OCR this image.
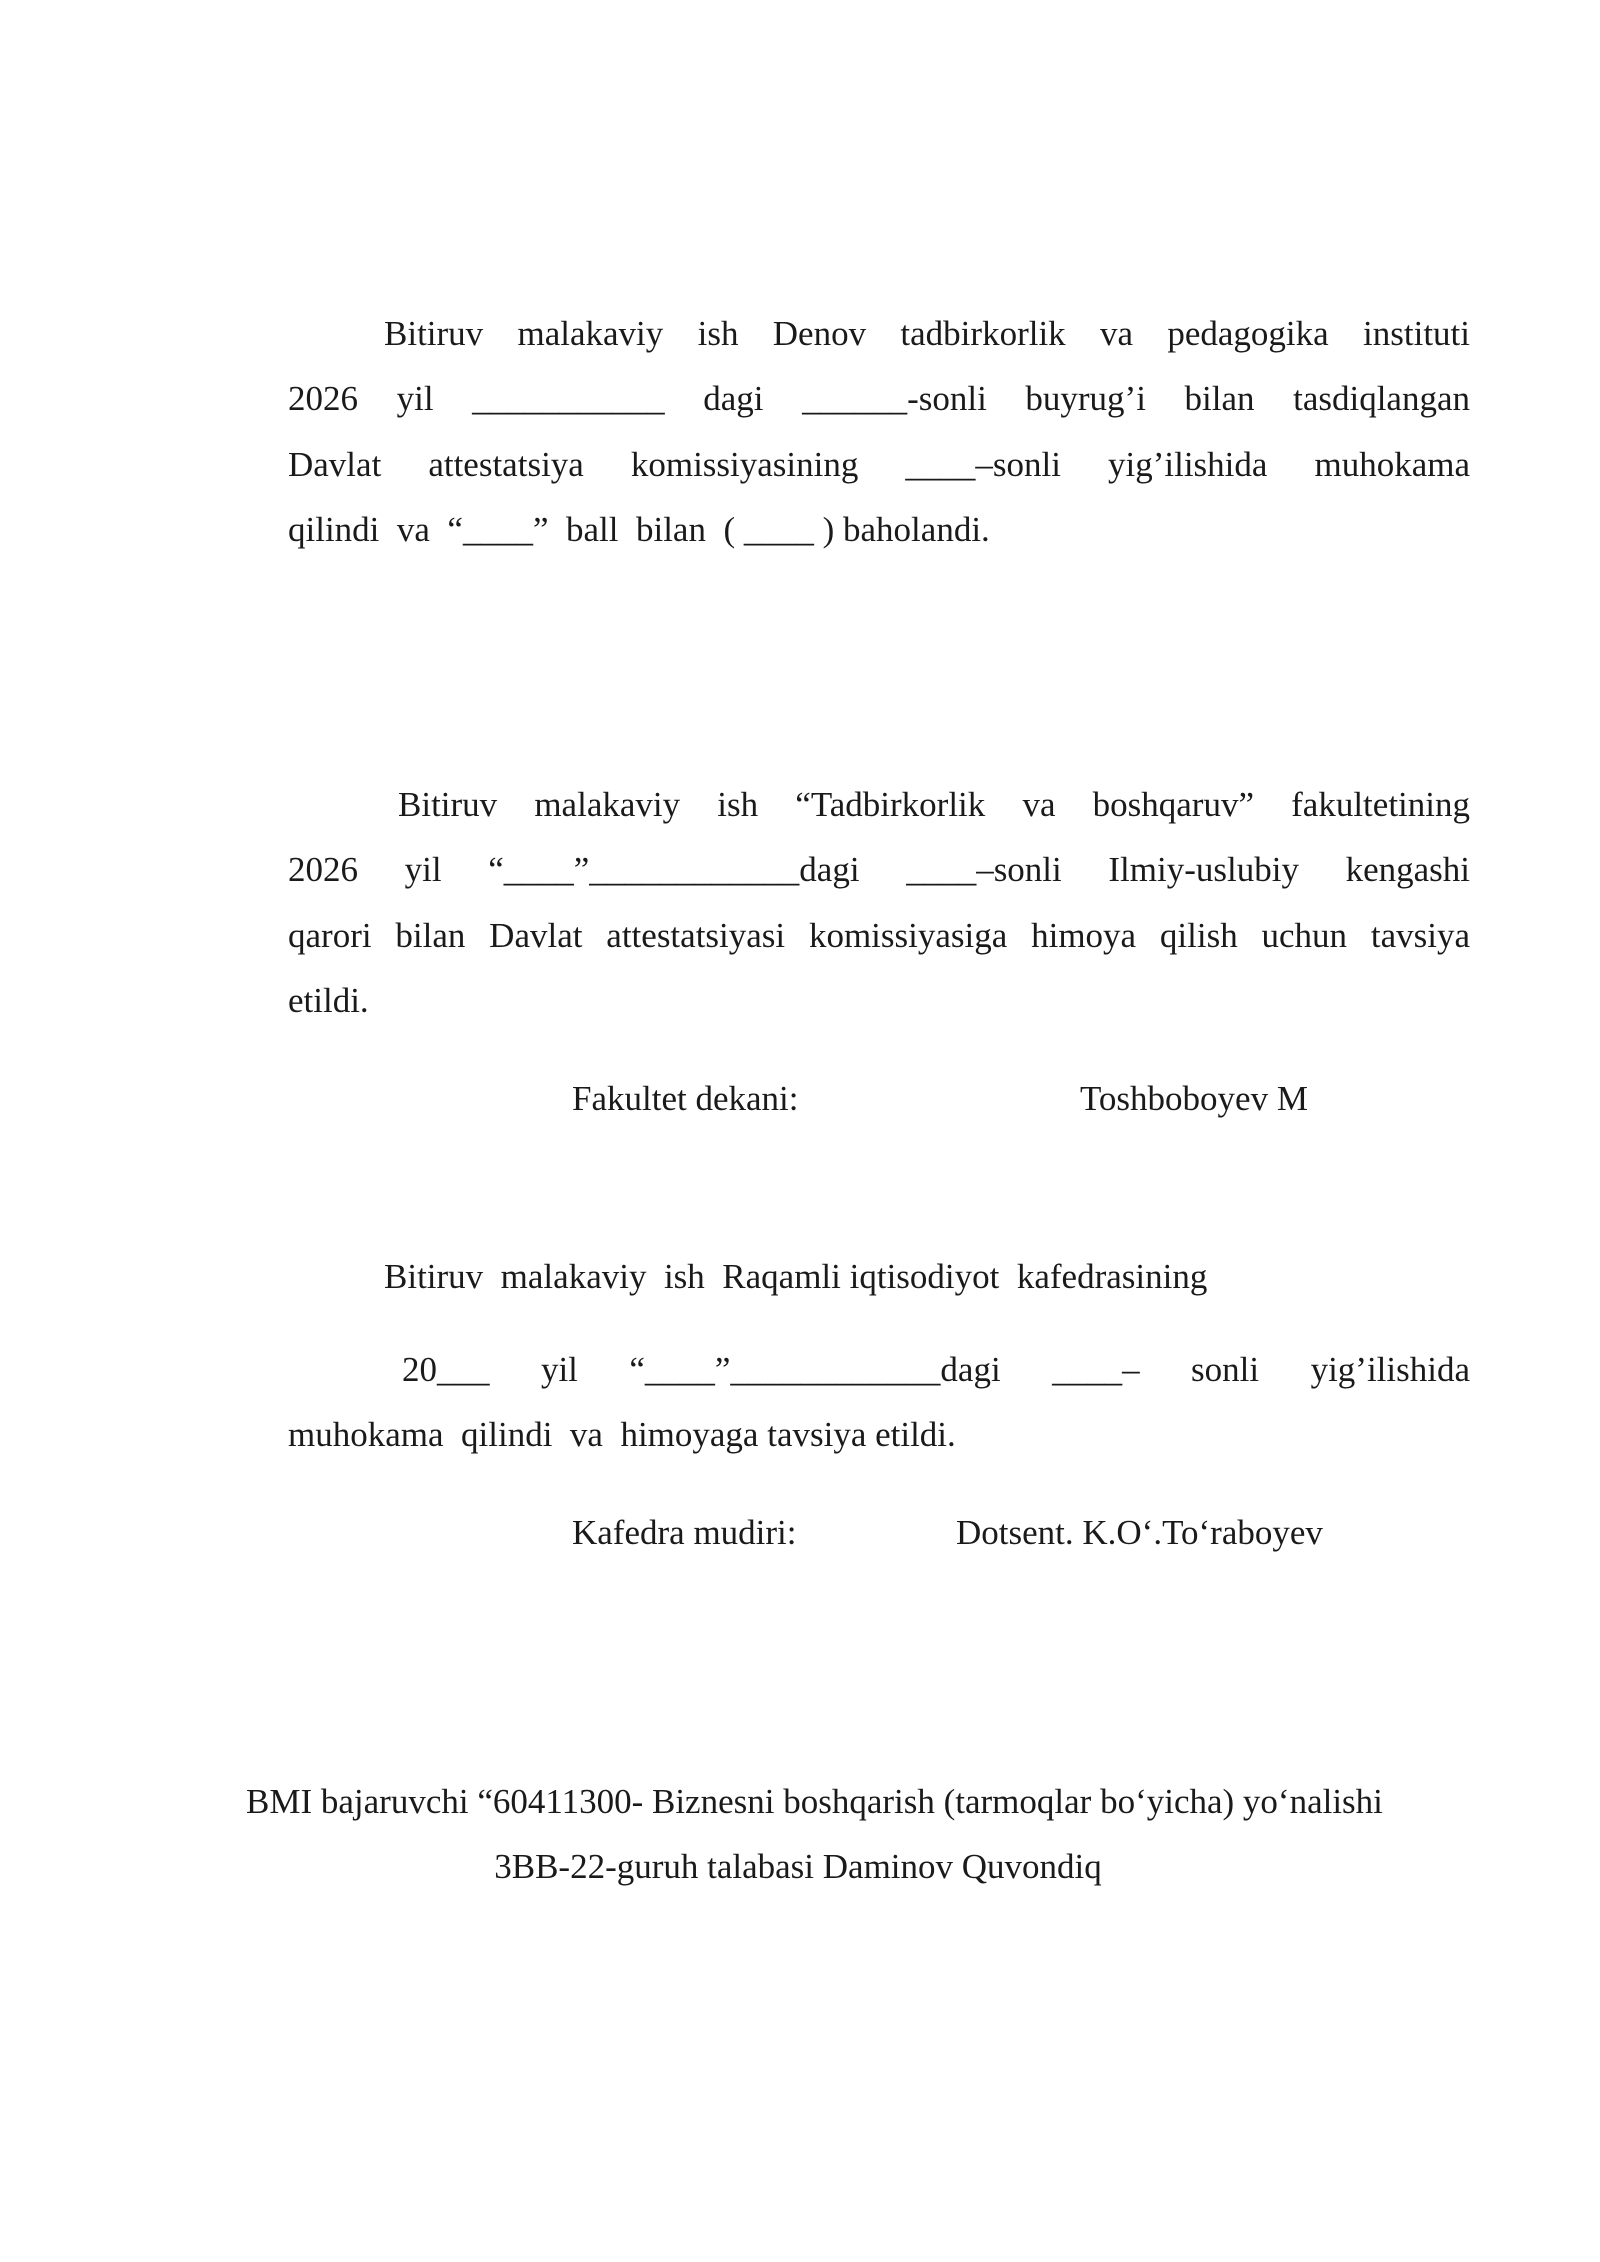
Bitiruv malakaviy ish Denov tadbirkorlik va pedagogika instituti
2026 yil ___________ dagi ______-sonli buyrug’i bilan tasdiqlangan
Davlat attestatsiya komissiyasining ____–sonli yig’ilishida muhokama
qilindi  va  “____”  ball  bilan  ( ____ ) baholandi.
Bitiruv malakaviy ish “Tadbirkorlik va boshqaruv” fakultetining
2026 yil “____”____________dagi ____–sonli Ilmiy-uslubiy kengashi
qarori bilan Davlat attestatsiyasi komissiyasiga himoya qilish uchun tavsiya
etildi.
Fakultet dekani:	Toshboboyev M
Bitiruv  malakaviy  ish  Raqamli iqtisodiyot  kafedrasining
20___ yil “____”____________dagi ____– sonli yig’ilishida
muhokama  qilindi  va  himoyaga tavsiya etildi.
Kafedra mudiri:	Dotsent. K.O‘.To‘raboyev
BMI bajaruvchi “60411300- Biznesni boshqarish (tarmoqlar bo‘yicha) yo‘nalishi
3BB-22-guruh talabasi Daminov Quvondiq
